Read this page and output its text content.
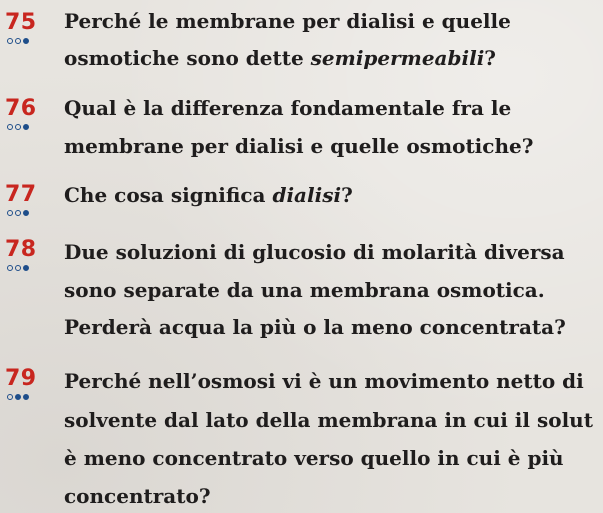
75 Perché le membrane per dialisi e quelle
osmotiche sono dette semipermeabili?
76 Qual è la differenza fondamentale fra le
membrane per dialisi e quelle osmotiche?
77 Che cosa significa dialisi?
78 Due soluzioni di glucosio di molarità diversa
sono separate da una membrana osmotica.
Perderà acqua la più o la meno concentrata?
79 Perché nell’osmosi vi è un movimento netto di
solvente dal lato della membrana in cui il solut
è meno concentrato verso quello in cui è più
concentrato?
